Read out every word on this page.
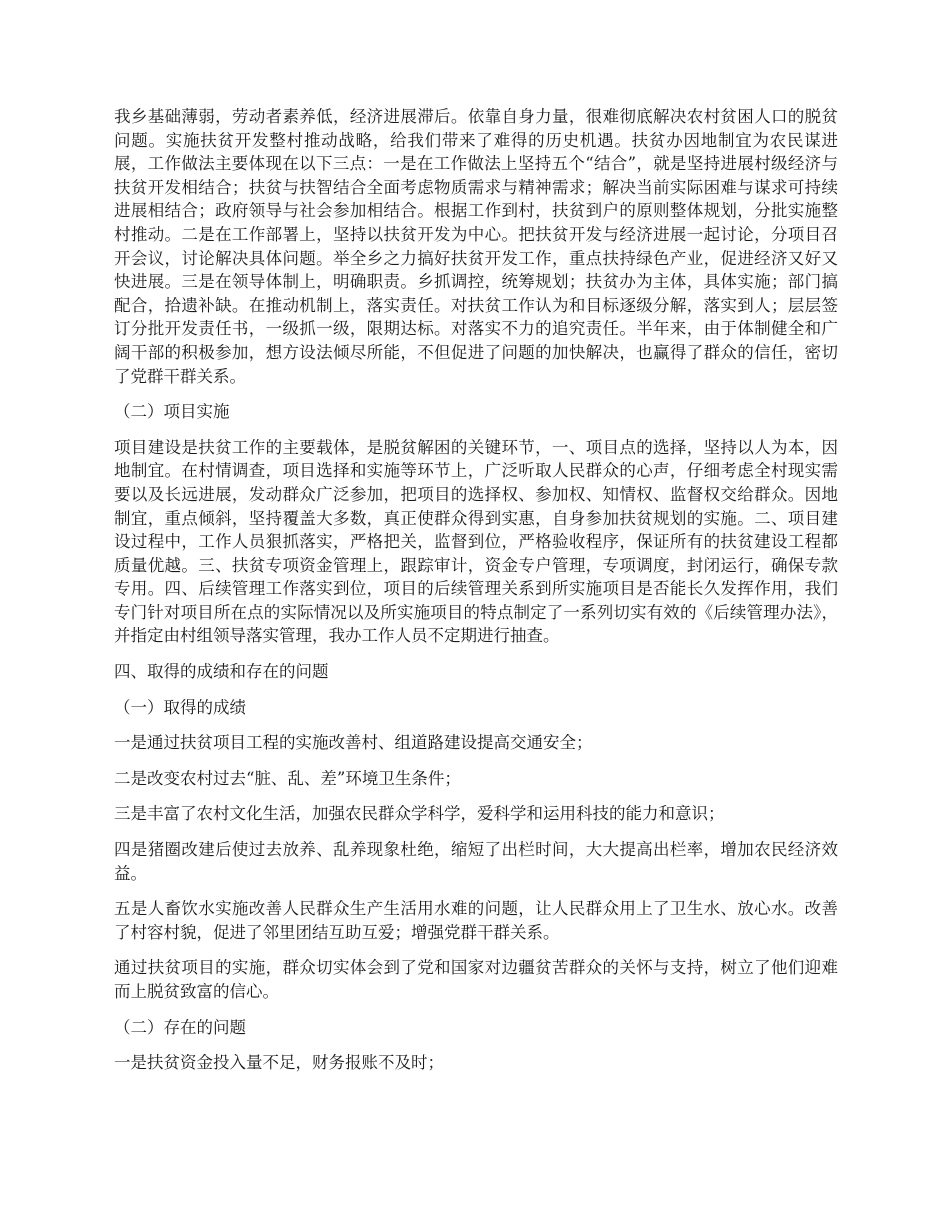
我乡基础薄弱，劳动者素养低，经济进展滞后。依靠自身力量，很难彻底解决农村贫困人口的脱贫问题。实施扶贫开发整村推动战略，给我们带来了难得的历史机遇。扶贫办因地制宜为农民谋进展，工作做法主要体现在以下三点：一是在工作做法上坚持五个“结合”，就是坚持进展村级经济与扶贫开发相结合；扶贫与扶智结合全面考虑物质需求与精神需求；解决当前实际困难与谋求可持续进展相结合；政府领导与社会参加相结合。根据工作到村，扶贫到户的原则整体规划，分批实施整村推动。二是在工作部署上，坚持以扶贫开发为中心。把扶贫开发与经济进展一起讨论，分项目召开会议，讨论解决具体问题。举全乡之力搞好扶贫开发工作，重点扶持绿色产业，促进经济又好又快进展。三是在领导体制上，明确职责。乡抓调控，统筹规划；扶贫办为主体，具体实施；部门搞配合，拾遗补缺。在推动机制上，落实责任。对扶贫工作认为和目标逐级分解，落实到人；层层签订分批开发责任书，一级抓一级，限期达标。对落实不力的追究责任。半年来，由于体制健全和广阔干部的积极参加，想方设法倾尽所能，不但促进了问题的加快解决，也赢得了群众的信任，密切了党群干群关系。

（二）项目实施

项目建设是扶贫工作的主要载体，是脱贫解困的关键环节，一、项目点的选择，坚持以人为本，因地制宜。在村情调查，项目选择和实施等环节上，广泛听取人民群众的心声，仔细考虑全村现实需要以及长远进展，发动群众广泛参加，把项目的选择权、参加权、知情权、监督权交给群众。因地制宜，重点倾斜，坚持覆盖大多数，真正使群众得到实惠，自身参加扶贫规划的实施。二、项目建设过程中，工作人员狠抓落实，严格把关，监督到位，严格验收程序，保证所有的扶贫建设工程都质量优越。三、扶贫专项资金管理上，跟踪审计，资金专户管理，专项调度，封闭运行，确保专款专用。四、后续管理工作落实到位，项目的后续管理关系到所实施项目是否能长久发挥作用，我们专门针对项目所在点的实际情况以及所实施项目的特点制定了一系列切实有效的《后续管理办法》，并指定由村组领导落实管理，我办工作人员不定期进行抽查。

四、取得的成绩和存在的问题

（一）取得的成绩

一是通过扶贫项目工程的实施改善村、组道路建设提高交通安全；

二是改变农村过去“脏、乱、差”环境卫生条件；

三是丰富了农村文化生活，加强农民群众学科学，爱科学和运用科技的能力和意识；

四是猪圈改建后使过去放养、乱养现象杜绝，缩短了出栏时间，大大提高出栏率，增加农民经济效益。

五是人畜饮水实施改善人民群众生产生活用水难的问题，让人民群众用上了卫生水、放心水。改善了村容村貌，促进了邻里团结互助互爱；增强党群干群关系。

通过扶贫项目的实施，群众切实体会到了党和国家对边疆贫苦群众的关怀与支持，树立了他们迎难而上脱贫致富的信心。

（二）存在的问题

一是扶贫资金投入量不足，财务报账不及时；
